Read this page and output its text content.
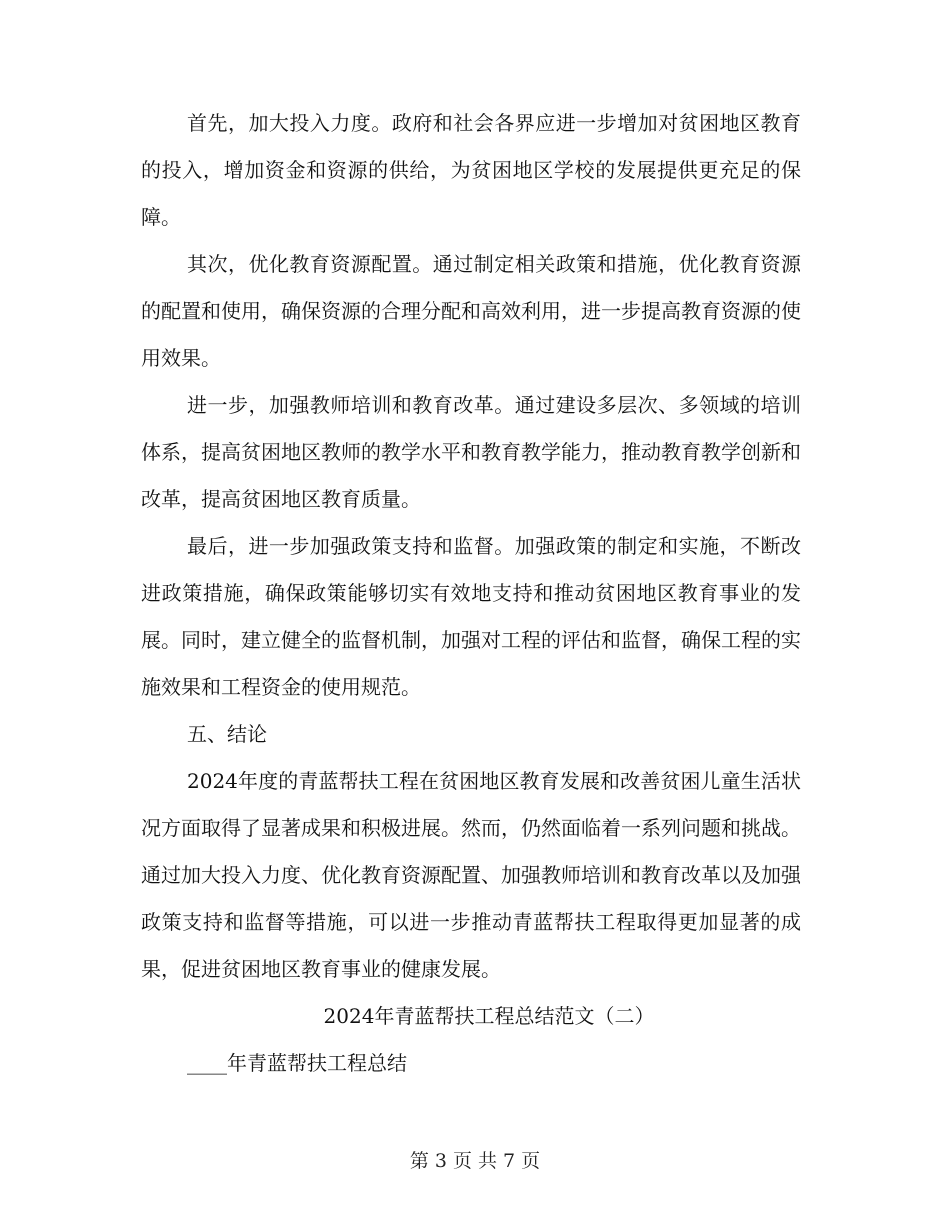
首先，加大投入力度。政府和社会各界应进一步增加对贫困地区教育的投入，增加资金和资源的供给，为贫困地区学校的发展提供更充足的保障。

其次，优化教育资源配置。通过制定相关政策和措施，优化教育资源的配置和使用，确保资源的合理分配和高效利用，进一步提高教育资源的使用效果。

进一步，加强教师培训和教育改革。通过建设多层次、多领域的培训体系，提高贫困地区教师的教学水平和教育教学能力，推动教育教学创新和改革，提高贫困地区教育质量。

最后，进一步加强政策支持和监督。加强政策的制定和实施，不断改进政策措施，确保政策能够切实有效地支持和推动贫困地区教育事业的发展。同时，建立健全的监督机制，加强对工程的评估和监督，确保工程的实施效果和工程资金的使用规范。

五、结论

2024年度的青蓝帮扶工程在贫困地区教育发展和改善贫困儿童生活状况方面取得了显著成果和积极进展。然而，仍然面临着一系列问题和挑战。通过加大投入力度、优化教育资源配置、加强教师培训和教育改革以及加强政策支持和监督等措施，可以进一步推动青蓝帮扶工程取得更加显著的成果，促进贫困地区教育事业的健康发展。

2024年青蓝帮扶工程总结范文（二）

____年青蓝帮扶工程总结

第 3 页 共 7 页
